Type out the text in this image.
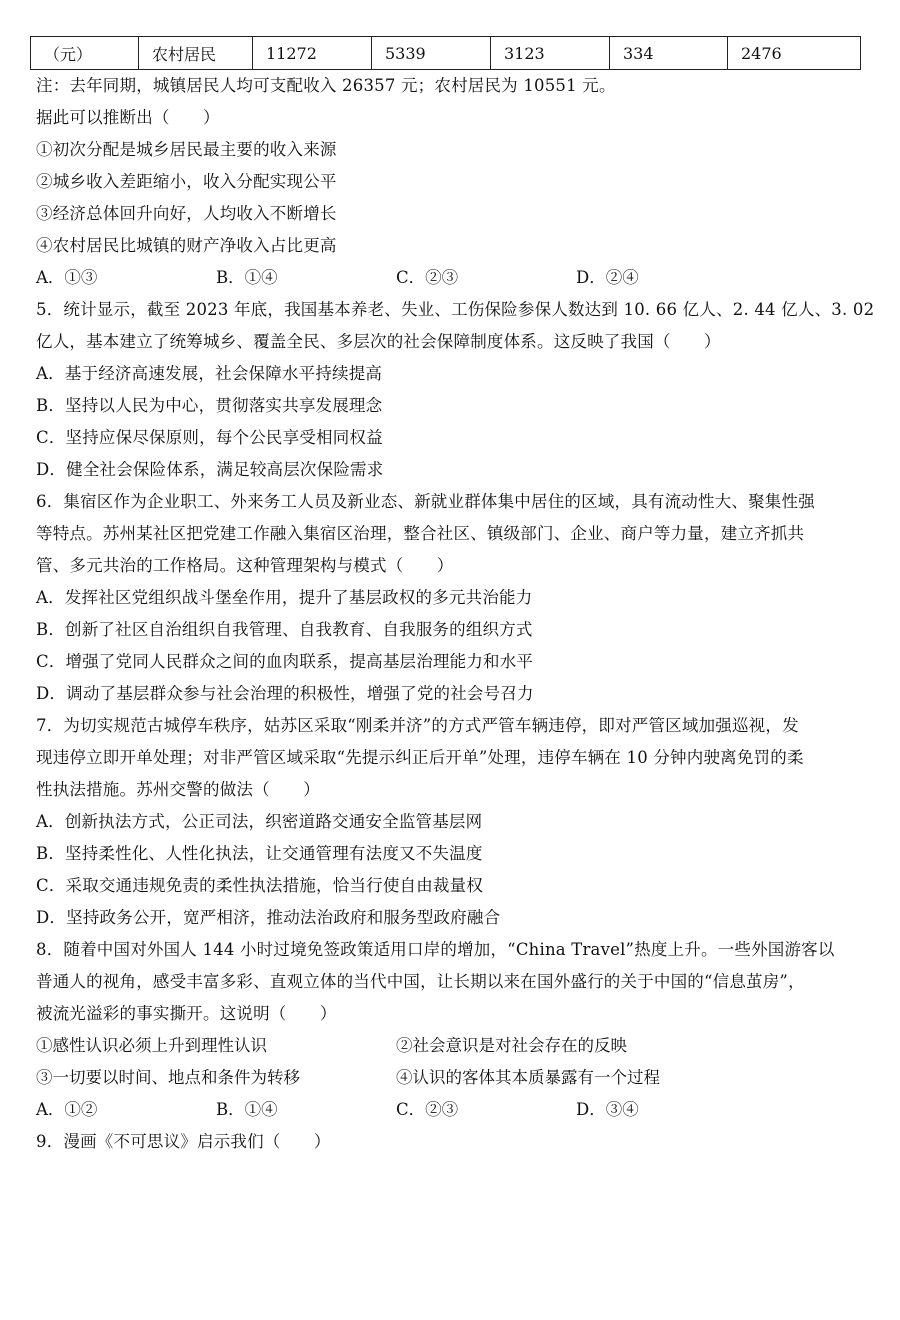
（元）	农村居民	11272	5339	3123	334	2476
注：去年同期，城镇居民人均可支配收入 26357 元；农村居民为 10551 元。
据此可以推断出（　　）
①初次分配是城乡居民最主要的收入来源
②城乡收入差距缩小，收入分配实现公平
③经济总体回升向好，人均收入不断增长
④农村居民比城镇的财产净收入占比更高
A．①③	B．①④	C．②③	D．②④
5．统计显示，截至 2023 年底，我国基本养老、失业、工伤保险参保人数达到 10. 66 亿人、2. 44 亿人、3. 02
亿人，基本建立了统筹城乡、覆盖全民、多层次的社会保障制度体系。这反映了我国（　　）
A．基于经济高速发展，社会保障水平持续提高
B．坚持以人民为中心，贯彻落实共享发展理念
C．坚持应保尽保原则，每个公民享受相同权益
D．健全社会保险体系，满足较高层次保险需求
6．集宿区作为企业职工、外来务工人员及新业态、新就业群体集中居住的区域，具有流动性大、聚集性强
等特点。苏州某社区把党建工作融入集宿区治理，整合社区、镇级部门、企业、商户等力量，建立齐抓共
管、多元共治的工作格局。这种管理架构与模式（　　）
A．发挥社区党组织战斗堡垒作用，提升了基层政权的多元共治能力
B．创新了社区自治组织自我管理、自我教育、自我服务的组织方式
C．增强了党同人民群众之间的血肉联系，提高基层治理能力和水平
D．调动了基层群众参与社会治理的积极性，增强了党的社会号召力
7．为切实规范古城停车秩序，姑苏区采取“刚柔并济”的方式严管车辆违停，即对严管区域加强巡视，发
现违停立即开单处理；对非严管区域采取“先提示纠正后开单”处理，违停车辆在 10 分钟内驶离免罚的柔
性执法措施。苏州交警的做法（　　）
A．创新执法方式，公正司法，织密道路交通安全监管基层网
B．坚持柔性化、人性化执法，让交通管理有法度又不失温度
C．采取交通违规免责的柔性执法措施，恰当行使自由裁量权
D．坚持政务公开，宽严相济，推动法治政府和服务型政府融合
8．随着中国对外国人 144 小时过境免签政策适用口岸的增加，“China Travel”热度上升。一些外国游客以
普通人的视角，感受丰富多彩、直观立体的当代中国，让长期以来在国外盛行的关于中国的“信息茧房”，
被流光溢彩的事实撕开。这说明（　　）
①感性认识必须上升到理性认识	②社会意识是对社会存在的反映
③一切要以时间、地点和条件为转移	④认识的客体其本质暴露有一个过程
A．①②	B．①④	C．②③	D．③④
9．漫画《不可思议》启示我们（　　）
